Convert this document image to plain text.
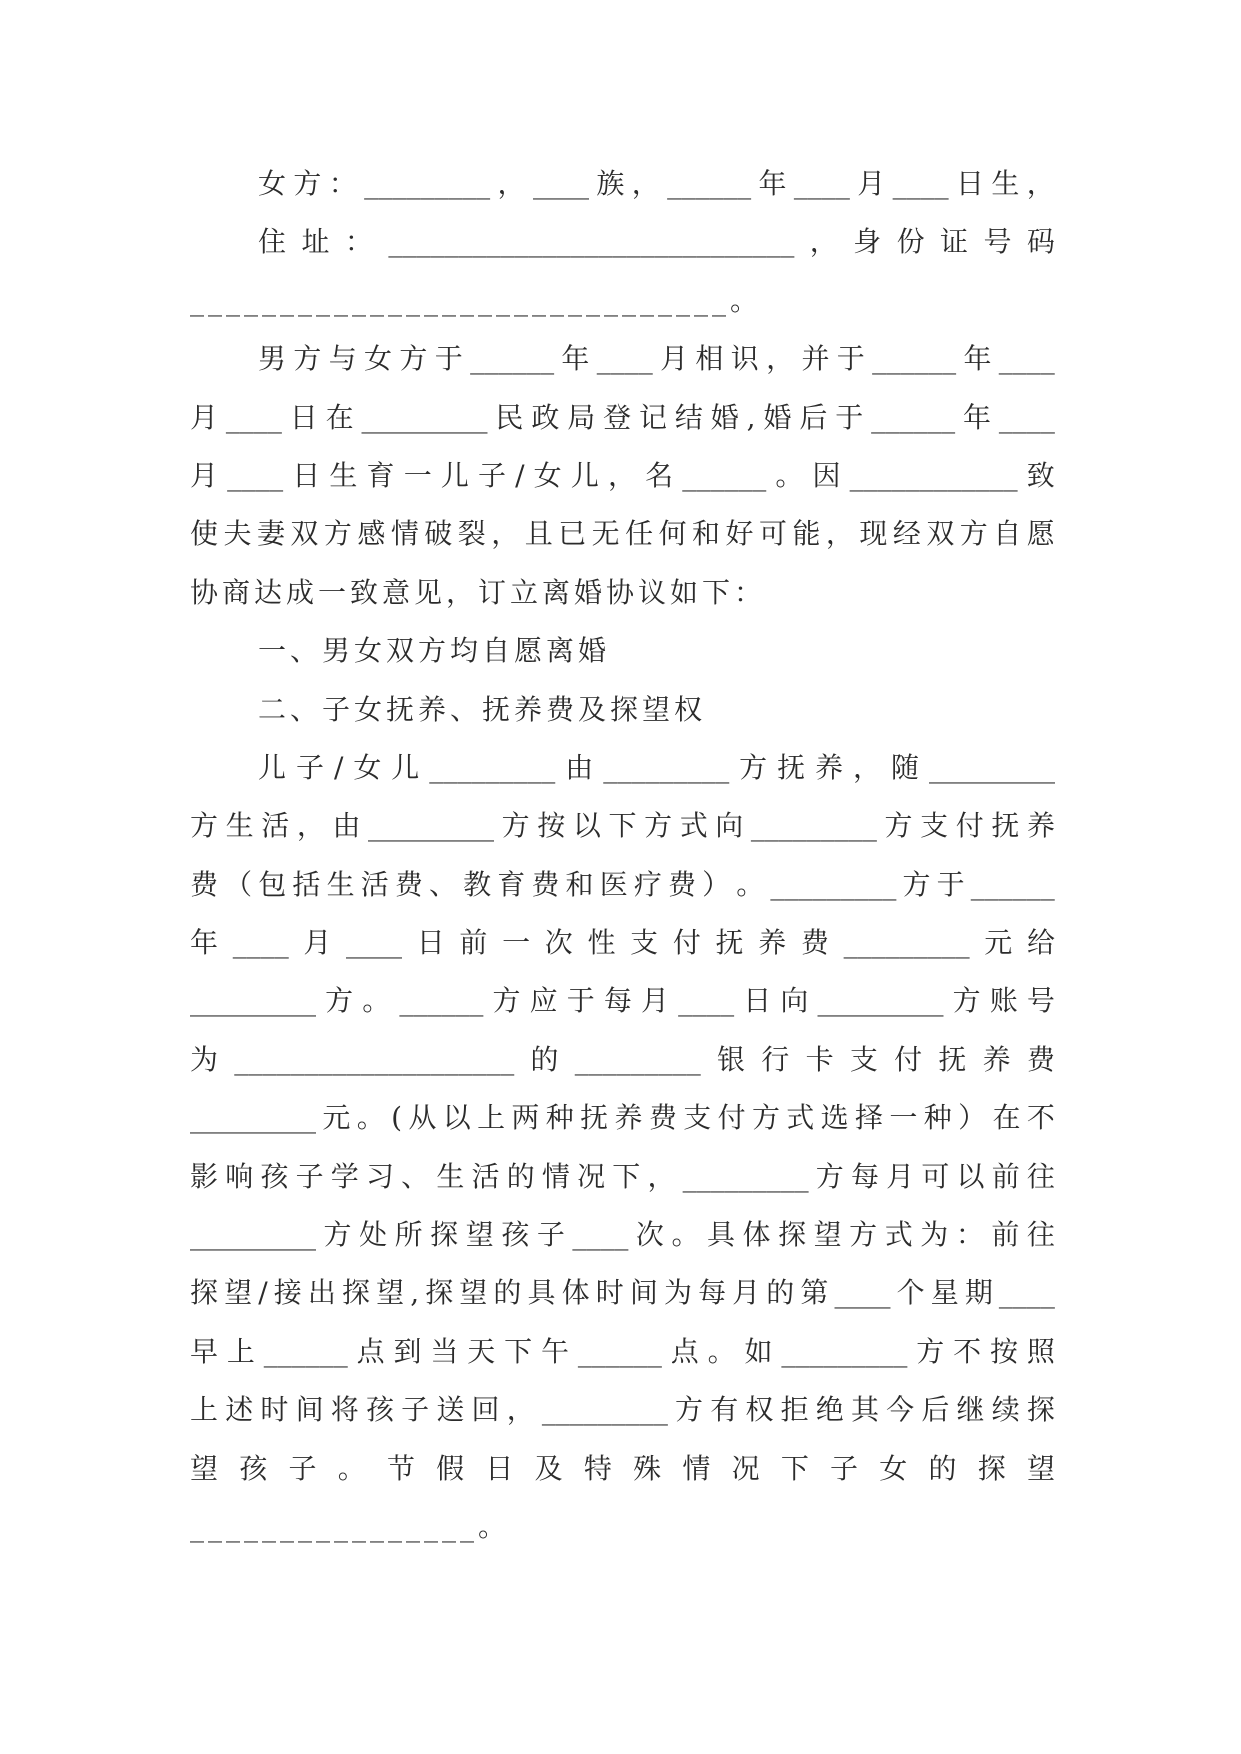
女 方 ： _________ ， ____ 族 ， ______ 年 ____ 月 ____ 日 生 ，
住 址 ： _____________________________ ， 身 份 证 号 码
______________________________。
男 方 与 女 方 于 ______ 年 ____ 月 相 识 ， 并 于 ______ 年 ____
月 ____ 日 在 _________ 民 政 局 登 记 结 婚 , 婚 后 于 ______ 年 ____
月 ____ 日 生 育 一 儿 子 / 女 儿 ， 名 ______ 。 因 ____________ 致
使 夫 妻 双 方 感 情 破 裂 ， 且 已 无 任 何 和 好 可 能 ， 现 经 双 方 自 愿
协商达成一致意见，订立离婚协议如下：
一、男女双方均自愿离婚
二、子女抚养、抚养费及探望权
儿 子 / 女 儿 _________ 由 _________ 方 抚 养 ， 随 _________
方 生 活 ， 由 _________ 方 按 以 下 方 式 向 _________ 方 支 付 抚 养
费 （ 包 括 生 活 费 、 教 育 费 和 医 疗 费 ） 。 _________ 方 于 ______
年 ____ 月 ____ 日 前 一 次 性 支 付 抚 养 费 _________ 元 给
_________ 方 。 ______ 方 应 于 每 月 ____ 日 向 _________ 方 账 号
为 ____________________ 的 _________ 银 行 卡 支 付 抚 养 费
_________ 元 。 ( 从 以 上 两 种 抚 养 费 支 付 方 式 选 择 一 种 ） 在 不
影 响 孩 子 学 习 、 生 活 的 情 况 下 ， _________ 方 每 月 可 以 前 往
_________ 方 处 所 探 望 孩 子 ____ 次 。 具 体 探 望 方 式 为 ： 前 往
探 望 / 接 出 探 望 , 探 望 的 具 体 时 间 为 每 月 的 第 ____ 个 星 期 ____
早 上 ______ 点 到 当 天 下 午 ______ 点 。 如 _________ 方 不 按 照
上 述 时 间 将 孩 子 送 回 ， _________ 方 有 权 拒 绝 其 今 后 继 续 探
望 孩 子 。 节 假 日 及 特 殊 情 况 下 子 女 的 探 望
________________。
